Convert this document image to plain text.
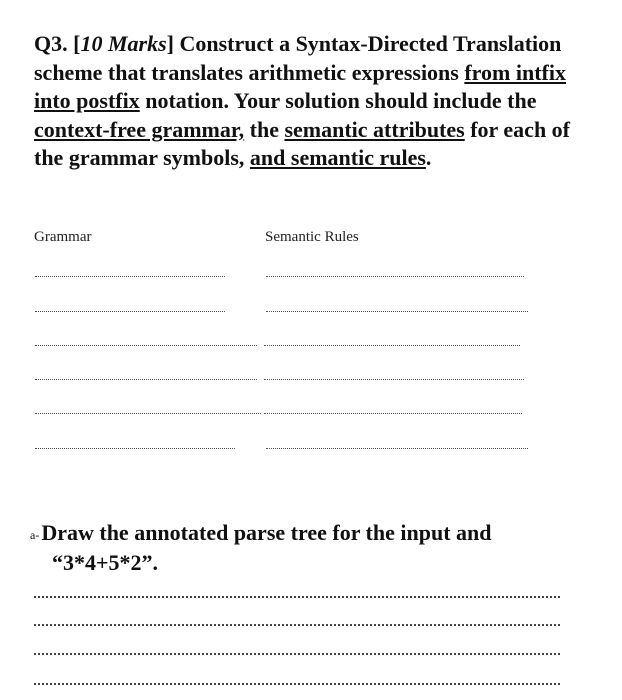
Q3. [10 Marks] Construct a Syntax-Directed Translation scheme that translates arithmetic expressions from intfix into postfix notation. Your solution should include the context-free grammar, the semantic attributes for each of the grammar symbols, and semantic rules.
Grammar	Semantic Rules
a-Draw the annotated parse tree for the input and
“3*4+5*2”.
